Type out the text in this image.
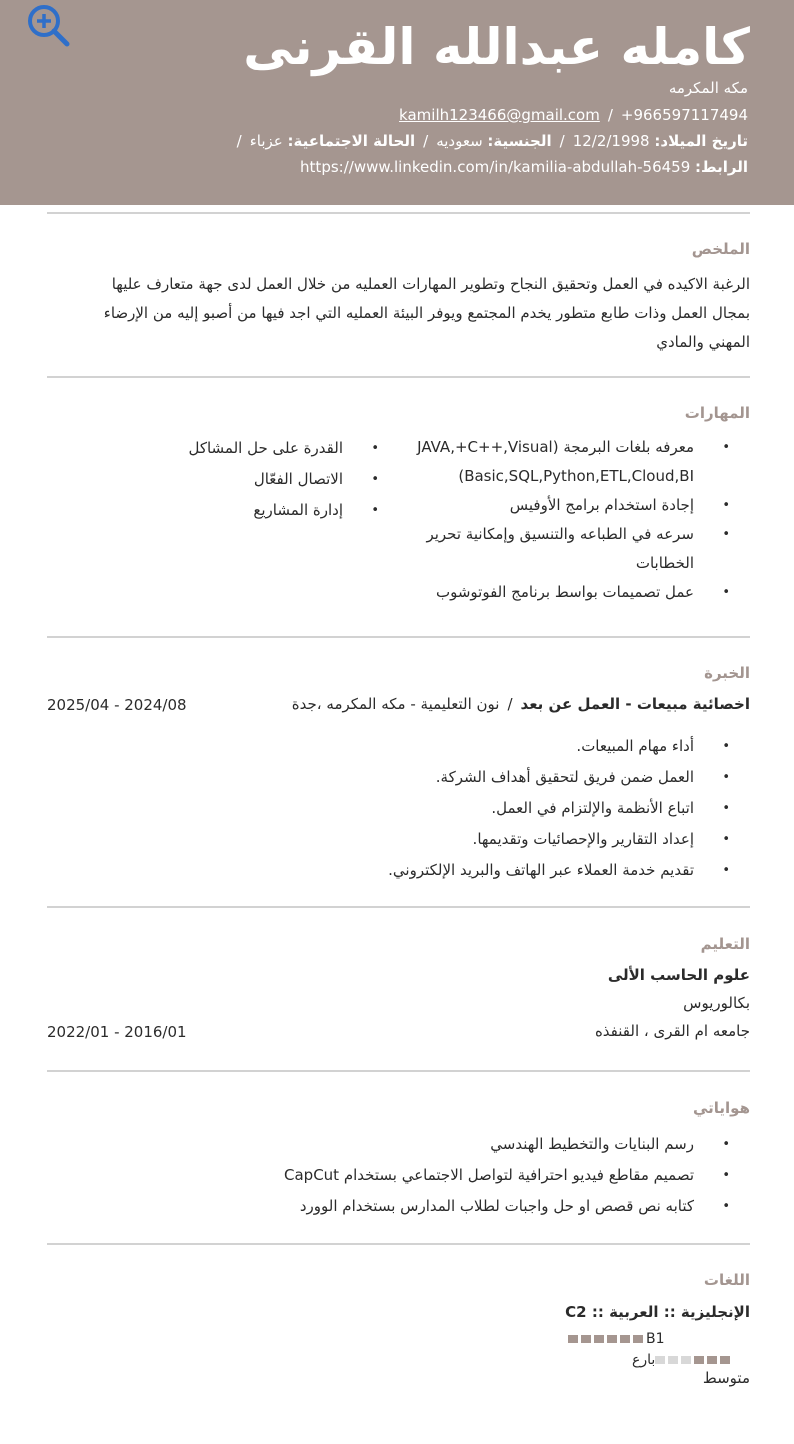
كامله عبدالله القرنى
مكه المكرمه
+966597117494/kamilh123466@gmail.com
تاريخ الميلاد: 12/2/1998/الجنسية: سعوديه/الحالة الاجتماعية: عزباء/
الرابط: https://www.linkedin.com/in/kamilia-abdullah-56459
الملخص
الرغبة الاكيده في العمل وتحقيق النجاح وتطوير المهارات العمليه من خلال العمل لدى جهة متعارف عليها
بمجال العمل وذات طابع متطور يخدم المجتمع ويوفر البيئة العمليه التي اجد فيها من أصبو إليه من الإرضاء
المهني والمادي
المهارات
• معرفه بلغات البرمجة (JAVA,+C++,Visual
Basic,SQL,Python,ETL,Cloud,BI)
• إجادة استخدام برامج الأوفيس
• سرعه في الطباعه والتنسيق وإمكانية تحرير
الخطابات
• عمل تصميمات بواسط برنامج الفوتوشوب
• القدرة على حل المشاكل
• الاتصال الفعّال
• إدارة المشاريع
الخبرة
اخصائية مبيعات - العمل عن بعد/نون التعليمية - مكه المكرمه ،جدة
2025/04 - 2024/08
• أداء مهام المبيعات.
• العمل ضمن فريق لتحقيق أهداف الشركة.
• اتباع الأنظمة والإلتزام في العمل.
• إعداد التقارير والإحصائيات وتقديمها.
• تقديم خدمة العملاء عبر الهاتف والبريد الإلكتروني.
التعليم
علوم الحاسب الألى
بكالوريوس
جامعه ام القرى ، القنفذه
2022/01 - 2016/01
هواياتي
• رسم البنايات والتخطيط الهندسي
• تصميم مقاطع فيديو احترافية لتواصل الاجتماعي بستخدام CapCut
• كتابه نص قصص او حل واجبات لطلاب المدارس بستخدام الوورد
اللغات
الإنجليزية :: العربية :: C2
B1
بارع
متوسط
